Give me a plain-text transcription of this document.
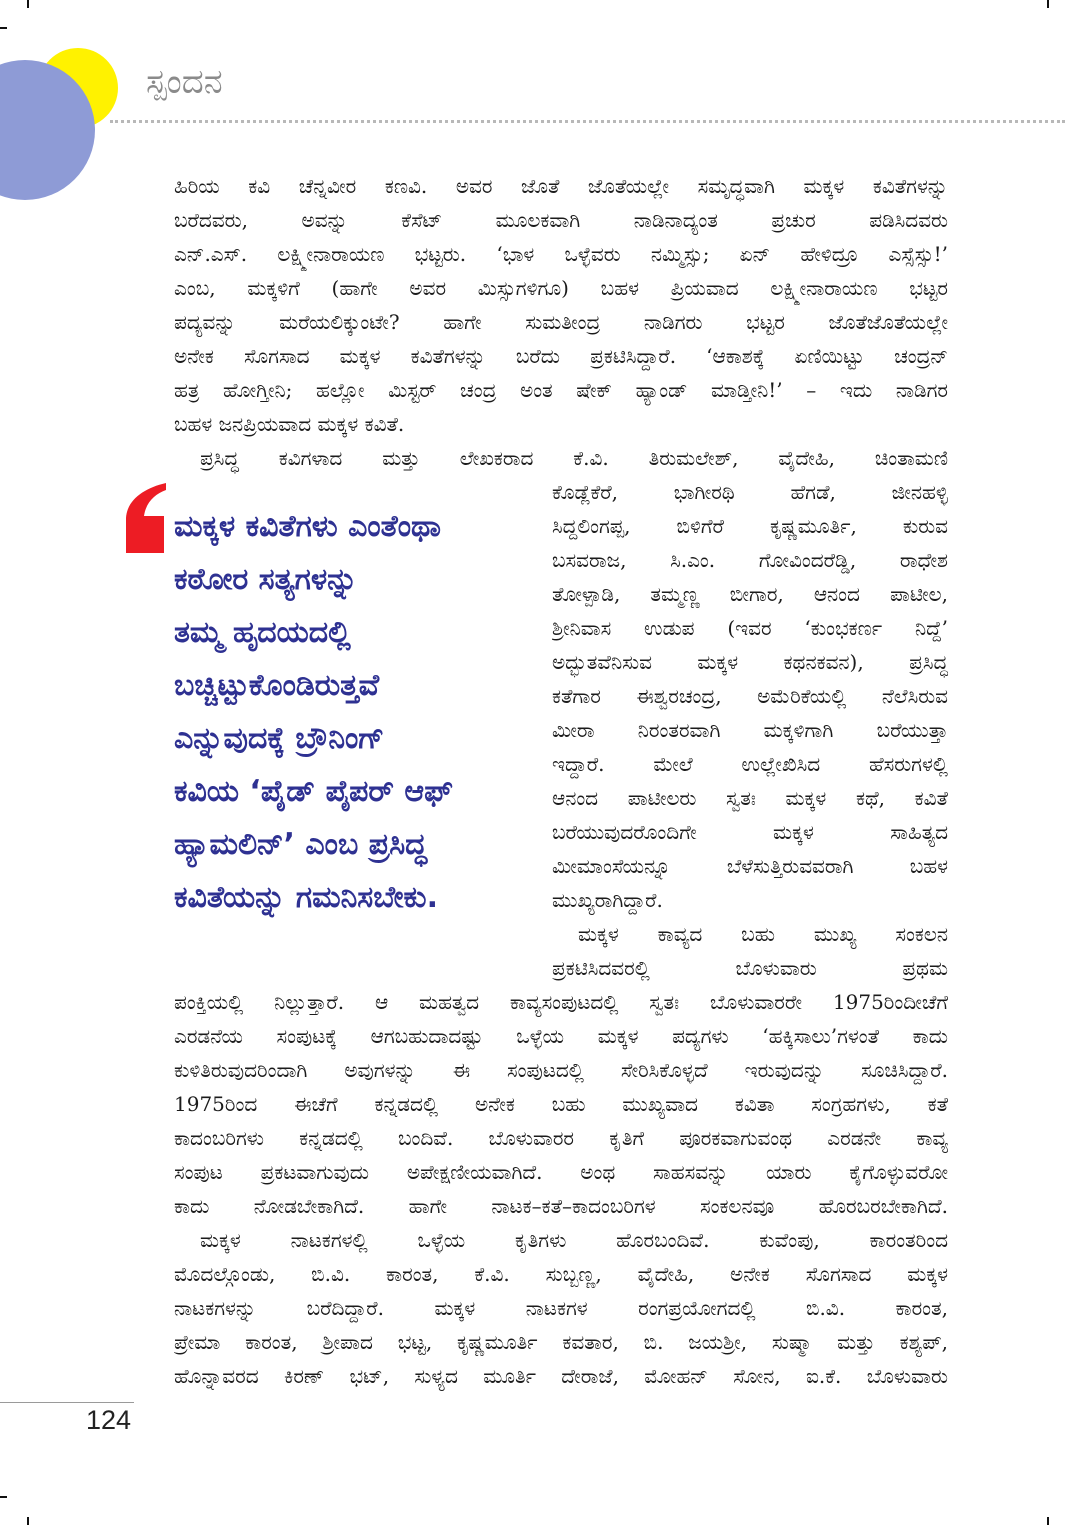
ಸ್ಪಂದನ
ಹಿರಿಯ ಕವಿ ಚೆನ್ನವೀರ ಕಣವಿ. ಅವರ ಜೊತೆ ಜೊತೆಯಲ್ಲೇ ಸಮೃದ್ಧವಾಗಿ ಮಕ್ಕಳ ಕವಿತೆಗಳನ್ನು
ಬರೆದವರು, ಅವನ್ನು ಕೆಸೆಟ್ ಮೂಲಕವಾಗಿ ನಾಡಿನಾದ್ಯಂತ ಪ್ರಚುರ ಪಡಿಸಿದವರು
ಎನ್.ಎಸ್. ಲಕ್ಷ್ಮೀನಾರಾಯಣ ಭಟ್ಟರು. ‘ಭಾಳ ಒಳ್ಳೆವರು ನಮ್ಮಿಸ್ಸು; ಏನ್ ಹೇಳಿದ್ರೂ ಎಸ್ಸೆಸ್ಸು!’
ಎಂಬ, ಮಕ್ಕಳಿಗೆ (ಹಾಗೇ ಅವರ ಮಿಸ್ಸುಗಳಿಗೂ) ಬಹಳ ಪ್ರಿಯವಾದ ಲಕ್ಷ್ಮೀನಾರಾಯಣ ಭಟ್ಟರ
ಪದ್ಯವನ್ನು ಮರೆಯಲಿಕ್ಕುಂಟೇ? ಹಾಗೇ ಸುಮತೀಂದ್ರ ನಾಡಿಗರು ಭಟ್ಟರ ಜೊತೆಜೊತೆಯಲ್ಲೇ
ಅನೇಕ ಸೊಗಸಾದ ಮಕ್ಕಳ ಕವಿತೆಗಳನ್ನು ಬರೆದು ಪ್ರಕಟಿಸಿದ್ದಾರೆ. ‘ಆಕಾಶಕ್ಕೆ ಏಣಿಯಿಟ್ಟು ಚಂದ್ರನ್
ಹತ್ರ ಹೋಗ್ತೀನಿ; ಹಲ್ಲೋ ಮಿಸ್ಟರ್ ಚಂದ್ರ ಅಂತ ಷೇಕ್ ಹ್ಯಾಂಡ್ ಮಾಡ್ತೀನಿ!’ – ಇದು ನಾಡಿಗರ
ಬಹಳ ಜನಪ್ರಿಯವಾದ ಮಕ್ಕಳ ಕವಿತೆ.
ಪ್ರಸಿದ್ಧ ಕವಿಗಳಾದ ಮತ್ತು ಲೇಖಕರಾದ ಕೆ.ವಿ. ತಿರುಮಲೇಶ್, ವೈದೇಹಿ, ಚಿಂತಾಮಣಿ
ಮಕ್ಕಳ ಕವಿತೆಗಳು ಎಂತೆಂಥಾ
ಕಠೋರ ಸತ್ಯಗಳನ್ನು
ತಮ್ಮ ಹೃದಯದಲ್ಲಿ
ಬಚ್ಚಿಟ್ಟುಕೊಂಡಿರುತ್ತವೆ
ಎನ್ನುವುದಕ್ಕೆ ಬ್ರೌನಿಂಗ್
ಕವಿಯ ‘ಪೈಡ್ ಪೈಪರ್ ಆಫ್
ಹ್ಯಾಮಲಿನ್’ ಎಂಬ ಪ್ರಸಿದ್ಧ
ಕವಿತೆಯನ್ನು ಗಮನಿಸಬೇಕು.
ಕೊಡ್ಲೆಕೆರೆ, ಭಾಗೀರಥಿ ಹೆಗಡೆ, ಜೀನಹಳ್ಳಿ
ಸಿದ್ದಲಿಂಗಪ್ಪ, ಬಿಳಿಗೆರೆ ಕೃಷ್ಣಮೂರ್ತಿ, ಕುರುವ
ಬಸವರಾಜ, ಸಿ.ಎಂ. ಗೋವಿಂದರೆಡ್ಡಿ, ರಾಧೇಶ
ತೋಳ್ಪಾಡಿ, ತಮ್ಮಣ್ಣ ಬೀಗಾರ, ಆನಂದ ಪಾಟೀಲ,
ಶ್ರೀನಿವಾಸ ಉಡುಪ (ಇವರ ‘ಕುಂಭಕರ್ಣ ನಿದ್ದೆ’
ಅದ್ಭುತವೆನಿಸುವ ಮಕ್ಕಳ ಕಥನಕವನ), ಪ್ರಸಿದ್ಧ
ಕತೆಗಾರ ಈಶ್ವರಚಂದ್ರ, ಅಮೆರಿಕೆಯಲ್ಲಿ ನೆಲೆಸಿರುವ
ಮೀರಾ ನಿರಂತರವಾಗಿ ಮಕ್ಕಳಿಗಾಗಿ ಬರೆಯುತ್ತಾ
ಇದ್ದಾರೆ. ಮೇಲೆ ಉಲ್ಲೇಖಿಸಿದ ಹೆಸರುಗಳಲ್ಲಿ
ಆನಂದ ಪಾಟೀಲರು ಸ್ವತಃ ಮಕ್ಕಳ ಕಥೆ, ಕವಿತೆ
ಬರೆಯುವುದರೊಂದಿಗೇ ಮಕ್ಕಳ ಸಾಹಿತ್ಯದ
ಮೀಮಾಂಸೆಯನ್ನೂ ಬೆಳೆಸುತ್ತಿರುವವರಾಗಿ ಬಹಳ
ಮುಖ್ಯರಾಗಿದ್ದಾರೆ.
ಮಕ್ಕಳ ಕಾವ್ಯದ ಬಹು ಮುಖ್ಯ ಸಂಕಲನ
ಪ್ರಕಟಿಸಿದವರಲ್ಲಿ ಬೊಳುವಾರು ಪ್ರಥಮ
ಪಂಕ್ತಿಯಲ್ಲಿ ನಿಲ್ಲುತ್ತಾರೆ. ಆ ಮಹತ್ವದ ಕಾವ್ಯಸಂಪುಟದಲ್ಲಿ ಸ್ವತಃ ಬೊಳುವಾರರೇ 1975ರಿಂದೀಚೆಗೆ
ಎರಡನೆಯ ಸಂಪುಟಕ್ಕೆ ಆಗಬಹುದಾದಷ್ಟು ಒಳ್ಳೆಯ ಮಕ್ಕಳ ಪದ್ಯಗಳು ‘ಹಕ್ಕಿಸಾಲು’ಗಳಂತೆ ಕಾದು
ಕುಳಿತಿರುವುದರಿಂದಾಗಿ ಅವುಗಳನ್ನು ಈ ಸಂಪುಟದಲ್ಲಿ ಸೇರಿಸಿಕೊಳ್ಳದೆ ಇರುವುದನ್ನು ಸೂಚಿಸಿದ್ದಾರೆ.
1975ರಿಂದ ಈಚೆಗೆ ಕನ್ನಡದಲ್ಲಿ ಅನೇಕ ಬಹು ಮುಖ್ಯವಾದ ಕವಿತಾ ಸಂಗ್ರಹಗಳು, ಕತೆ
ಕಾದಂಬರಿಗಳು ಕನ್ನಡದಲ್ಲಿ ಬಂದಿವೆ. ಬೊಳುವಾರರ ಕೃತಿಗೆ ಪೂರಕವಾಗುವಂಥ ಎರಡನೇ ಕಾವ್ಯ
ಸಂಪುಟ ಪ್ರಕಟವಾಗುವುದು ಅಪೇಕ್ಷಣೀಯವಾಗಿದೆ. ಅಂಥ ಸಾಹಸವನ್ನು ಯಾರು ಕೈಗೊಳ್ಳುವರೋ
ಕಾದು ನೋಡಬೇಕಾಗಿದೆ. ಹಾಗೇ ನಾಟಕ–ಕತೆ–ಕಾದಂಬರಿಗಳ ಸಂಕಲನವೂ ಹೊರಬರಬೇಕಾಗಿದೆ.
ಮಕ್ಕಳ ನಾಟಕಗಳಲ್ಲಿ ಒಳ್ಳೆಯ ಕೃತಿಗಳು ಹೊರಬಂದಿವೆ. ಕುವೆಂಪು, ಕಾರಂತರಿಂದ
ಮೊದಲ್ಗೊಂಡು, ಬಿ.ವಿ. ಕಾರಂತ, ಕೆ.ವಿ. ಸುಬ್ಬಣ್ಣ, ವೈದೇಹಿ, ಅನೇಕ ಸೊಗಸಾದ ಮಕ್ಕಳ
ನಾಟಕಗಳನ್ನು ಬರೆದಿದ್ದಾರೆ. ಮಕ್ಕಳ ನಾಟಕಗಳ ರಂಗಪ್ರಯೋಗದಲ್ಲಿ ಬಿ.ವಿ. ಕಾರಂತ,
ಪ್ರೇಮಾ ಕಾರಂತ, ಶ್ರೀಪಾದ ಭಟ್ಟ, ಕೃಷ್ಣಮೂರ್ತಿ ಕವತಾರ, ಬಿ. ಜಯಶ್ರೀ, ಸುಷ್ಮಾ ಮತ್ತು ಕಶ್ಯಪ್,
ಹೊನ್ನಾವರದ ಕಿರಣ್ ಭಟ್, ಸುಳ್ಯದ ಮೂರ್ತಿ ದೇರಾಜೆ, ಮೋಹನ್ ಸೋನ, ಐ.ಕೆ. ಬೊಳುವಾರು
124
